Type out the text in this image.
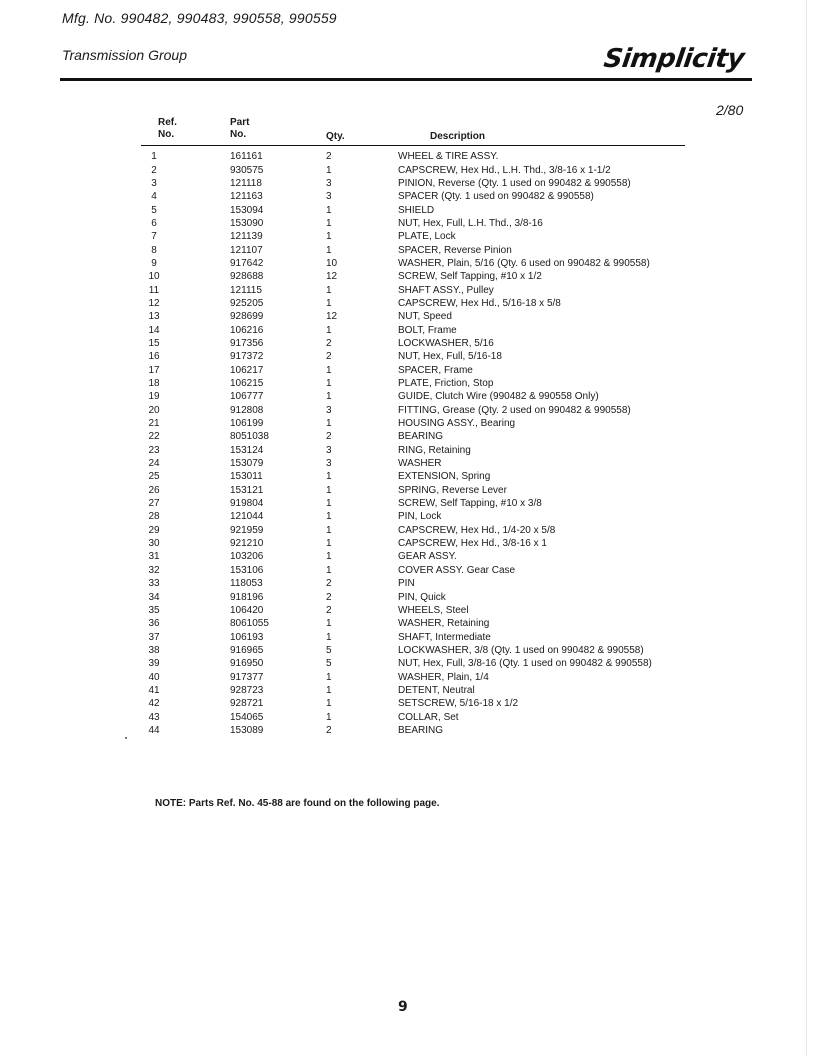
Mfg. No. 990482, 990483, 990558, 990559
Transmission Group	Simplicity
2/80
Ref.
No.
Part
No.	Qty.	Description
1		161161	2	WHEEL & TIRE ASSY.
2		930575	1	CAPSCREW, Hex Hd., L.H. Thd., 3/8-16 x 1-1/2
3		121118	3	PINION, Reverse (Qty. 1 used on 990482 & 990558)
4		121163	3	SPACER (Qty. 1 used on 990482 & 990558)
5		153094	1	SHIELD
6		153090	1	NUT, Hex, Full, L.H. Thd., 3/8-16
7		121139	1	PLATE, Lock
8		121107	1	SPACER, Reverse Pinion
9		917642	10	WASHER, Plain, 5/16 (Qty. 6 used on 990482 & 990558)
10		928688	12	SCREW, Self Tapping, #10 x 1/2
11		121115	1	SHAFT ASSY., Pulley
12		925205	1	CAPSCREW, Hex Hd., 5/16-18 x 5/8
13		928699	12	NUT, Speed
14		106216	1	BOLT, Frame
15		917356	2	LOCKWASHER, 5/16
16		917372	2	NUT, Hex, Full, 5/16-18
17		106217	1	SPACER, Frame
18		106215	1	PLATE, Friction, Stop
19		106777	1	GUIDE, Clutch Wire (990482 & 990558 Only)
20		912808	3	FITTING, Grease (Qty. 2 used on 990482 & 990558)
21		106199	1	HOUSING ASSY., Bearing
22		8051038	2	BEARING
23		153124	3	RING, Retaining
24		153079	3	WASHER
25		153011	1	EXTENSION, Spring
26		153121	1	SPRING, Reverse Lever
27		919804	1	SCREW, Self Tapping, #10 x 3/8
28		121044	1	PIN, Lock
29		921959	1	CAPSCREW, Hex Hd., 1/4-20 x 5/8
30		921210	1	CAPSCREW, Hex Hd., 3/8-16 x 1
31		103206	1	GEAR ASSY.
32		153106	1	COVER ASSY. Gear Case
33		118053	2	PIN
34		918196	2	PIN, Quick
35		106420	2	WHEELS, Steel
36		8061055	1	WASHER, Retaining
37		106193	1	SHAFT, Intermediate
38		916965	5	LOCKWASHER, 3/8 (Qty. 1 used on 990482 & 990558)
39		916950	5	NUT, Hex, Full, 3/8-16 (Qty. 1 used on 990482 & 990558)
40		917377	1	WASHER, Plain, 1/4
41		928723	1	DETENT, Neutral
42		928721	1	SETSCREW, 5/16-18 x 1/2
43		154065	1	COLLAR, Set
44		153089	2	BEARING
NOTE: Parts Ref. No. 45-88 are found on the following page.
9
